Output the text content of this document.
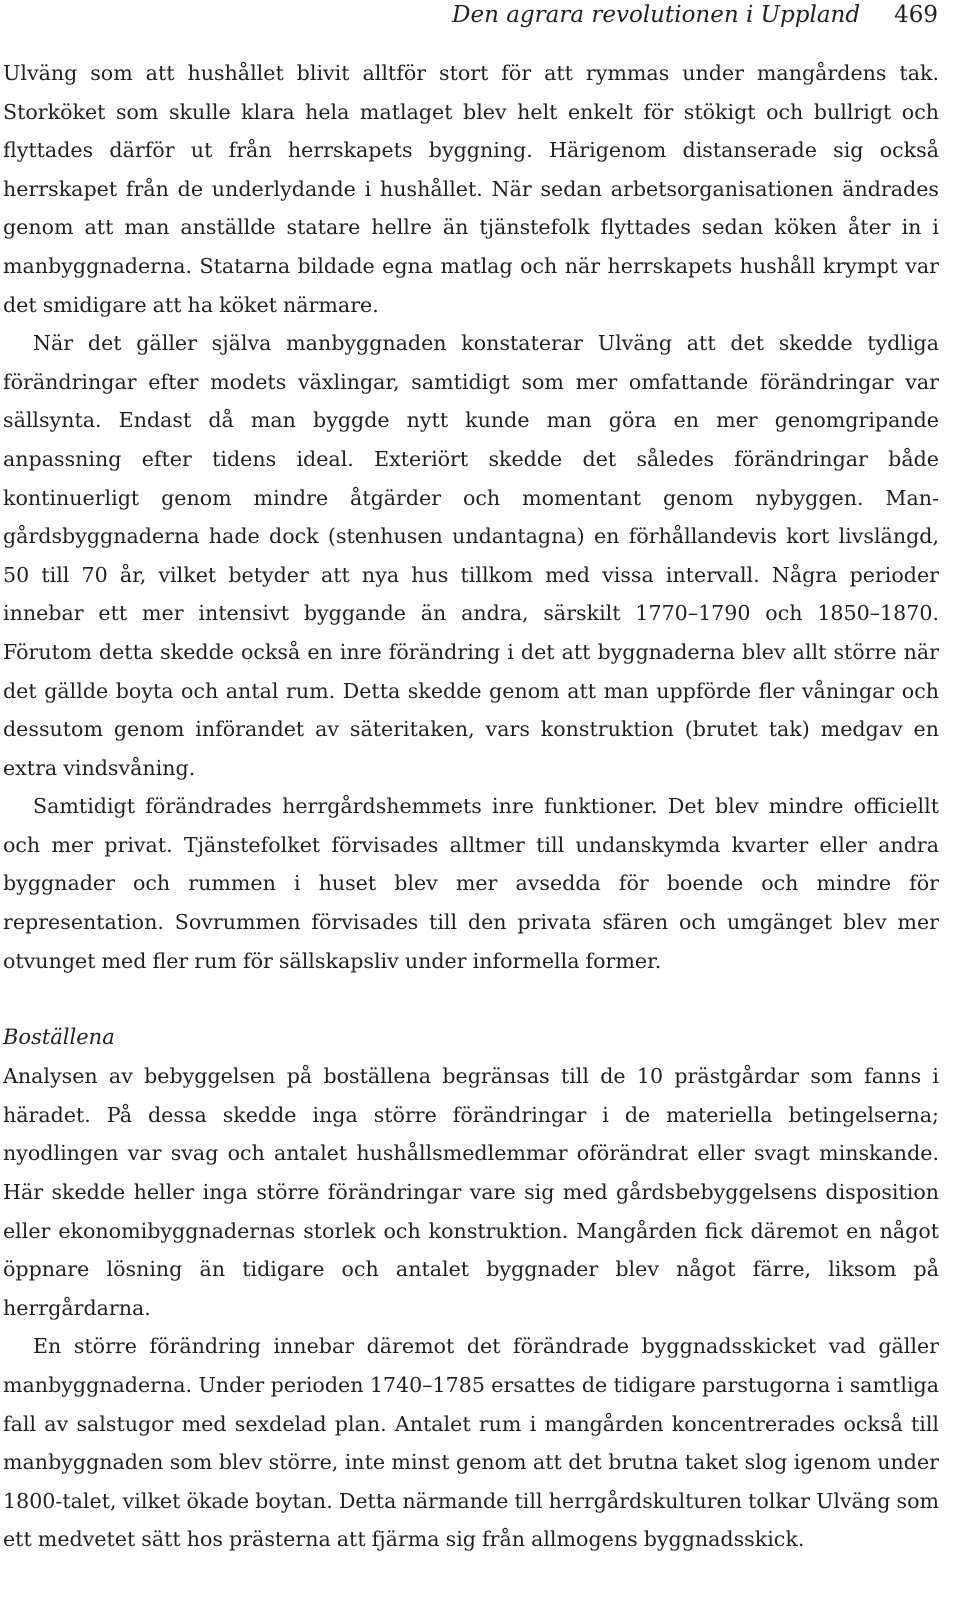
Den agrara revolutionen i Uppland 469

Ulväng som att hushållet blivit alltför stort för att rymmas under mangårdens tak. Storköket som skulle klara hela matlaget blev helt enkelt för stökigt och bullrigt och flyttades därför ut från herrskapets byggning. Härigenom distanserade sig också herrskapet från de underlydande i hushållet. När sedan arbetsorganisationen ändrades genom att man anställde statare hellre än tjänstefolk flyttades sedan köken åter in i manbyggnaderna. Statarna bildade egna matlag och när herrskapets hushåll krympt var det smidigare att ha köket närmare.

När det gäller själva manbyggnaden konstaterar Ulväng att det skedde tydliga förändringar efter modets växlingar, samtidigt som mer omfattande förändringar var sällsynta. Endast då man byggde nytt kunde man göra en mer genomgripande anpassning efter tidens ideal. Exteriört skedde det således förändringar både kontinuerligt genom mindre åtgärder och momentant genom nybyggen. Mangårdsbyggnaderna hade dock (stenhusen undantagna) en förhållandevis kort livslängd, 50 till 70 år, vilket betyder att nya hus tillkom med vissa intervall. Några perioder innebar ett mer intensivt byggande än andra, särskilt 1770–1790 och 1850–1870. Förutom detta skedde också en inre förändring i det att byggnaderna blev allt större när det gällde boyta och antal rum. Detta skedde genom att man uppförde fler våningar och dessutom genom införandet av säteritaken, vars konstruktion (brutet tak) medgav en extra vindsvåning.

Samtidigt förändrades herrgårdshemmets inre funktioner. Det blev mindre officiellt och mer privat. Tjänstefolket förvisades alltmer till undanskymda kvarter eller andra byggnader och rummen i huset blev mer avsedda för boende och mindre för representation. Sovrummen förvisades till den privata sfären och umgänget blev mer otvunget med fler rum för sällskapsliv under informella former.

Boställena

Analysen av bebyggelsen på boställena begränsas till de 10 prästgårdar som fanns i häradet. På dessa skedde inga större förändringar i de materiella betingelserna; nyodlingen var svag och antalet hushållsmedlemmar oförändrat eller svagt minskande. Här skedde heller inga större förändringar vare sig med gårdsbebyggelsens disposition eller ekonomibyggnadernas storlek och konstruktion. Mangården fick däremot en något öppnare lösning än tidigare och antalet byggnader blev något färre, liksom på herrgårdarna.

En större förändring innebar däremot det förändrade byggnadsskicket vad gäller manbyggnaderna. Under perioden 1740–1785 ersattes de tidigare parstugorna i samtliga fall av salstugor med sexdelad plan. Antalet rum i mangården koncentrerades också till manbyggnaden som blev större, inte minst genom att det brutna taket slog igenom under 1800-talet, vilket ökade boytan. Detta närmande till herrgårdskulturen tolkar Ulväng som ett medvetet sätt hos prästerna att fjärma sig från allmogens byggnadsskick.
